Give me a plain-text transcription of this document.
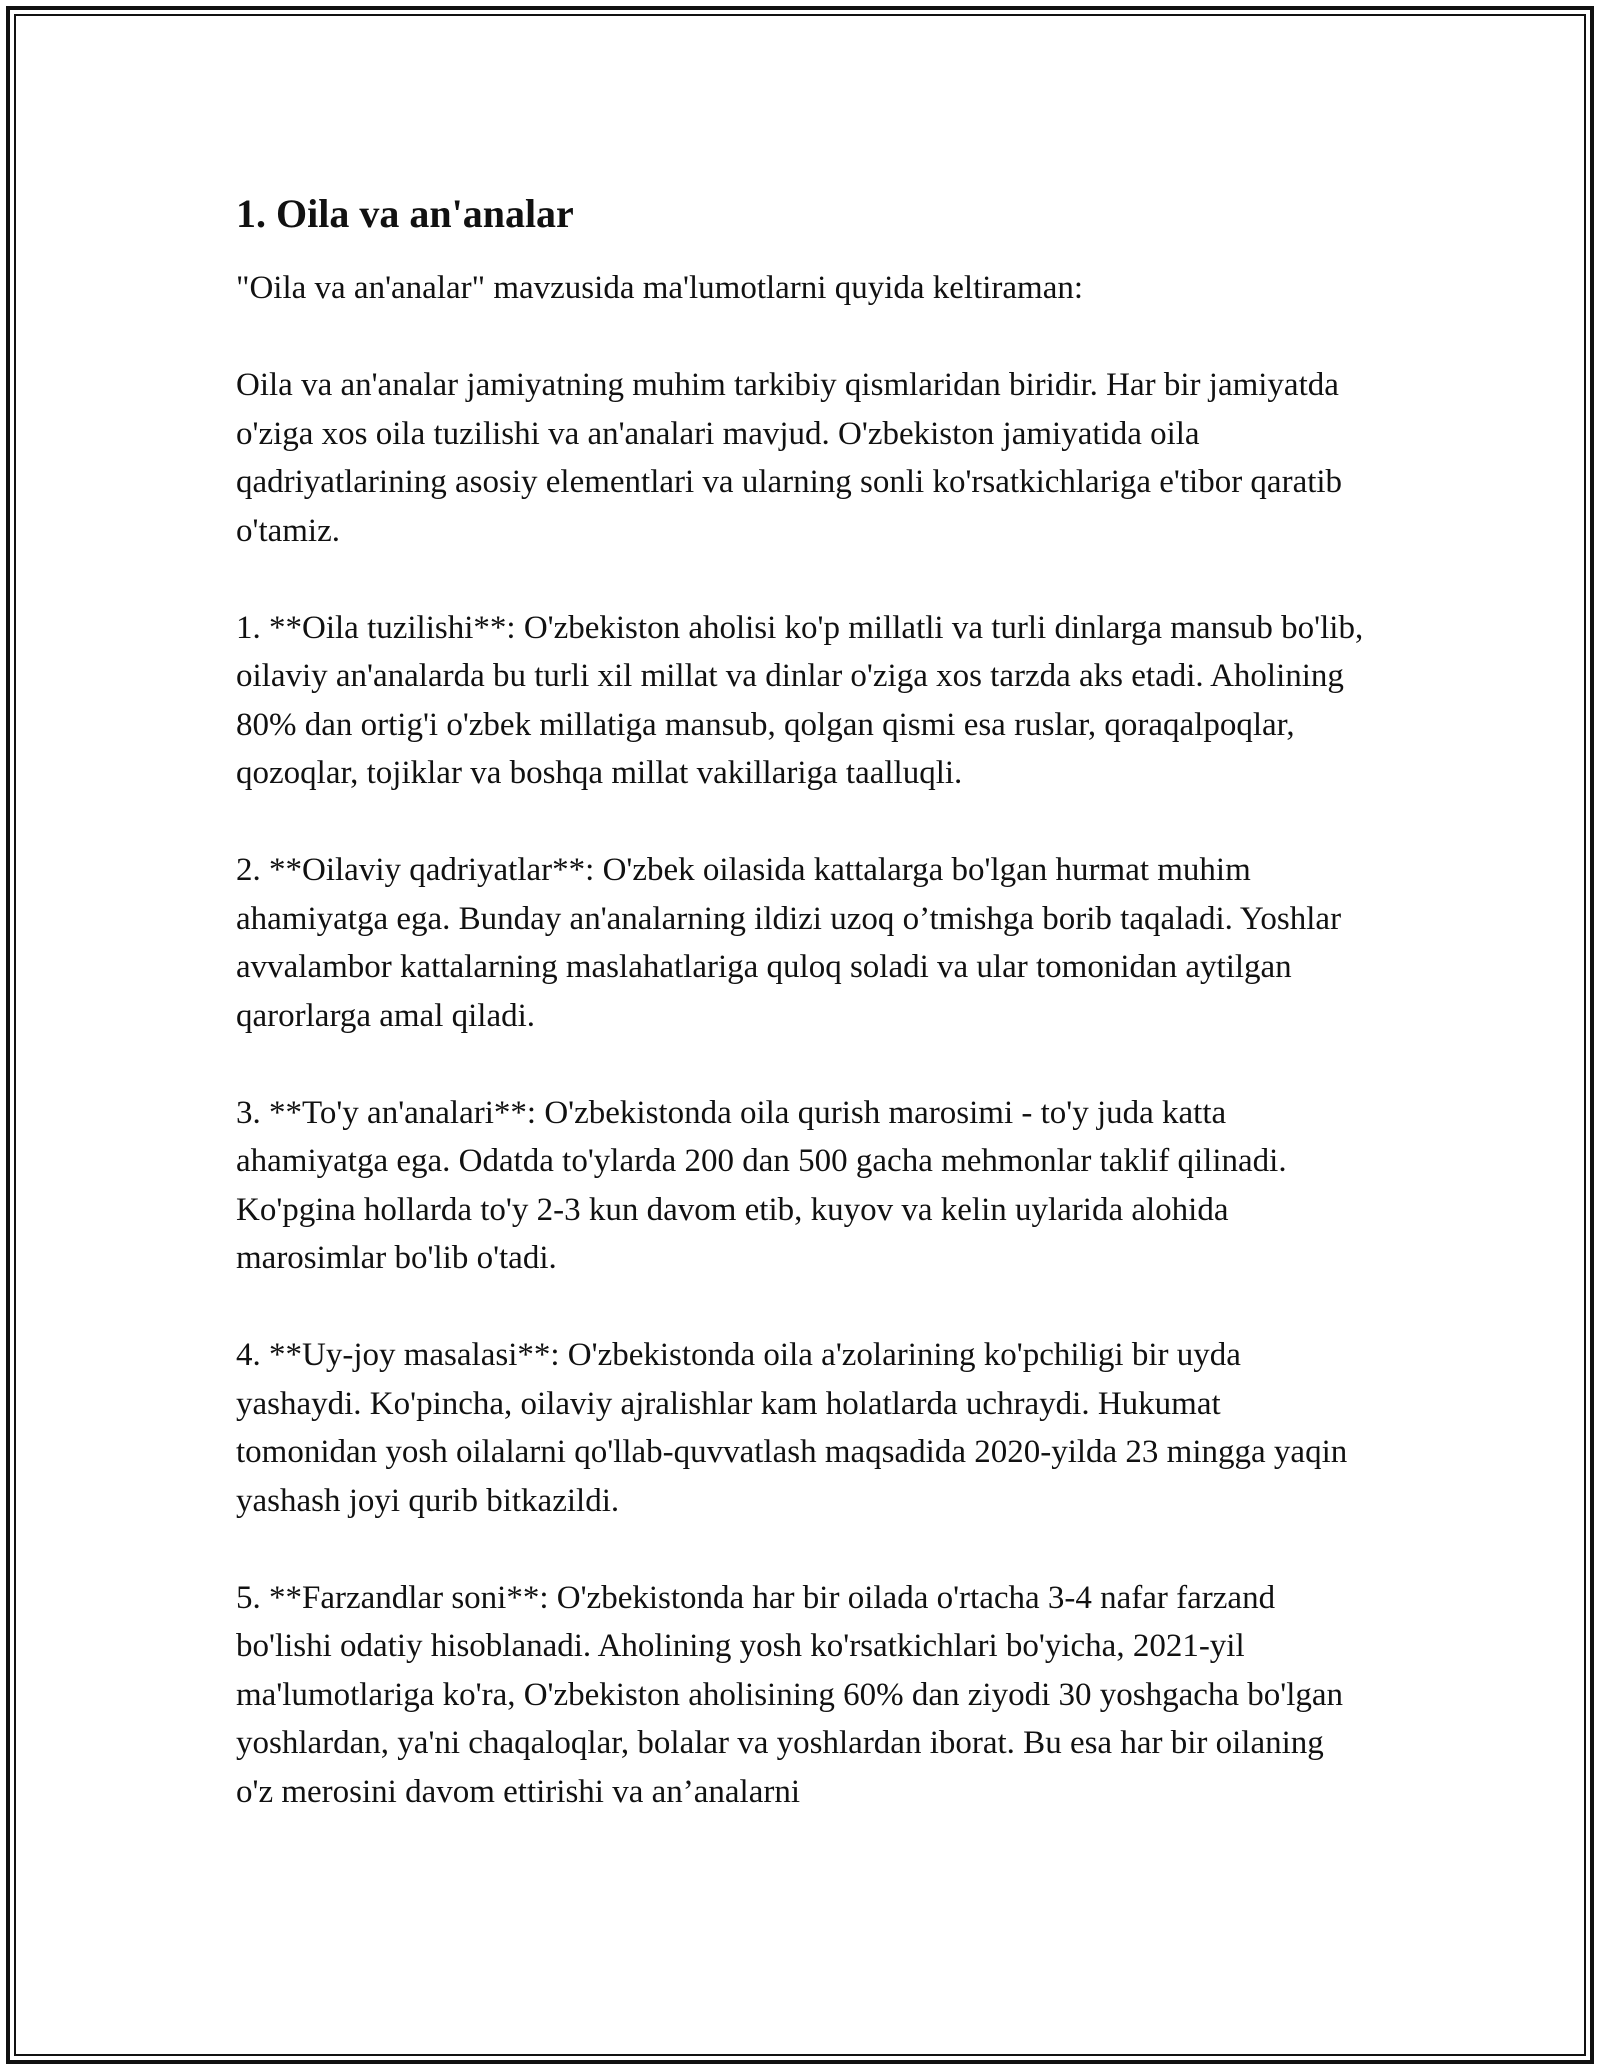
1. Oila va an'analar

"Oila va an'analar" mavzusida ma'lumotlarni quyida keltiraman:

Oila va an'analar jamiyatning muhim tarkibiy qismlaridan biridir. Har bir jamiyatda o'ziga xos oila tuzilishi va an'analari mavjud. O'zbekiston jamiyatida oila qadriyatlarining asosiy elementlari va ularning sonli ko'rsatkichlariga e'tibor qaratib o'tamiz.

1. **Oila tuzilishi**: O'zbekiston aholisi ko'p millatli va turli dinlarga mansub bo'lib, oilaviy an'analarda bu turli xil millat va dinlar o'ziga xos tarzda aks etadi. Aholining 80% dan ortig'i o'zbek millatiga mansub, qolgan qismi esa ruslar, qoraqalpoqlar, qozoqlar, tojiklar va boshqa millat vakillariga taalluqli.

2. **Oilaviy qadriyatlar**: O'zbek oilasida kattalarga bo'lgan hurmat muhim ahamiyatga ega. Bunday an'analarning ildizi uzoq o’tmishga borib taqaladi. Yoshlar avvalambor kattalarning maslahatlariga quloq soladi va ular tomonidan aytilgan qarorlarga amal qiladi.

3. **To'y an'analari**: O'zbekistonda oila qurish marosimi - to'y juda katta ahamiyatga ega. Odatda to'ylarda 200 dan 500 gacha mehmonlar taklif qilinadi. Ko'pgina hollarda to'y 2-3 kun davom etib, kuyov va kelin uylarida alohida marosimlar bo'lib o'tadi.

4. **Uy-joy masalasi**: O'zbekistonda oila a'zolarining ko'pchiligi bir uyda yashaydi. Ko'pincha, oilaviy ajralishlar kam holatlarda uchraydi. Hukumat tomonidan yosh oilalarni qo'llab-quvvatlash maqsadida 2020-yilda 23 mingga yaqin yashash joyi qurib bitkazildi.

5. **Farzandlar soni**: O'zbekistonda har bir oilada o'rtacha 3-4 nafar farzand bo'lishi odatiy hisoblanadi. Aholining yosh ko'rsatkichlari bo'yicha, 2021-yil ma'lumotlariga ko'ra, O'zbekiston aholisining 60% dan ziyodi 30 yoshgacha bo'lgan yoshlardan, ya'ni chaqaloqlar, bolalar va yoshlardan iborat. Bu esa har bir oilaning o'z merosini davom ettirishi va an’analarni
